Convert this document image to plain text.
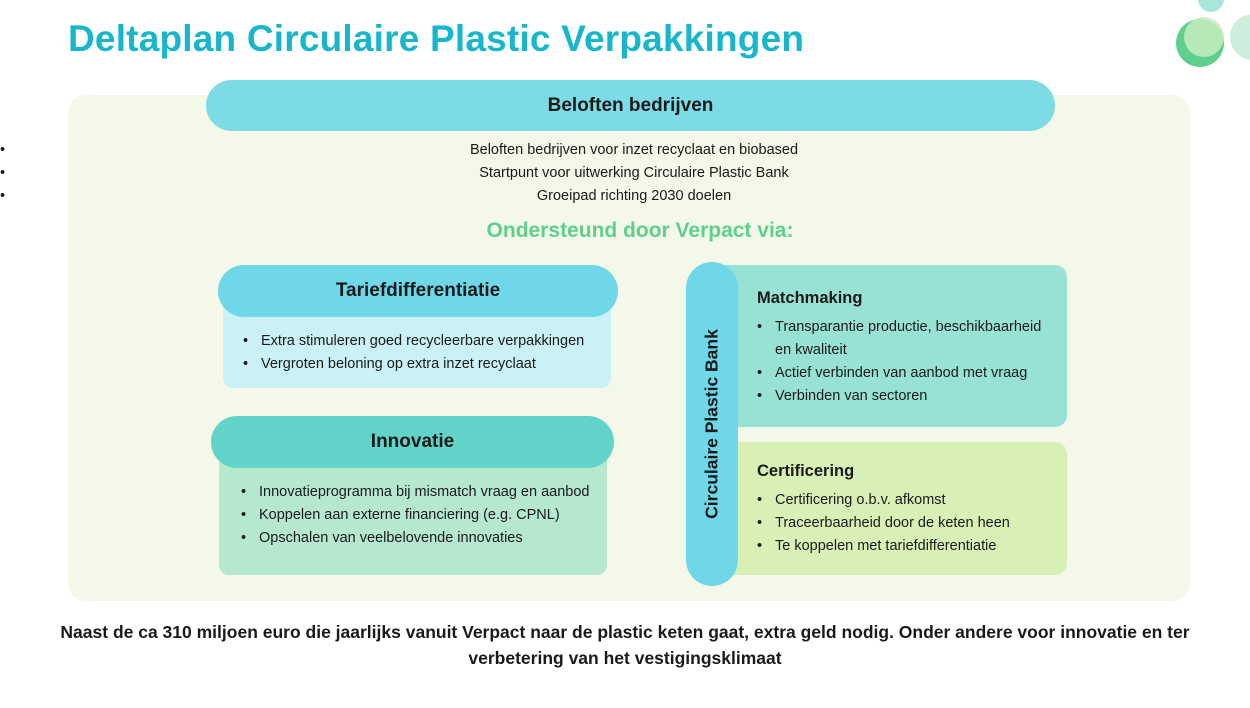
Deltaplan Circulaire Plastic Verpakkingen
Beloften bedrijven
• Beloften bedrijven voor inzet recyclaat en biobased
• Startpunt voor uitwerking Circulaire Plastic Bank
• Groeipad richting 2030 doelen
Ondersteund door Verpact via:
Tariefdifferentiatie
• Extra stimuleren goed recycleerbare verpakkingen
• Vergroten beloning op extra inzet recyclaat
Innovatie
• Innovatieprogramma bij mismatch vraag en aanbod
• Koppelen aan externe financiering (e.g. CPNL)
• Opschalen van veelbelovende innovaties
Circulaire Plastic Bank
Matchmaking
• Transparantie productie, beschikbaarheid en kwaliteit
• Actief verbinden van aanbod met vraag
• Verbinden van sectoren
Certificering
• Certificering o.b.v. afkomst
• Traceerbaarheid door de keten heen
• Te koppelen met tariefdifferentiatie
Naast de ca 310 miljoen euro die jaarlijks vanuit Verpact naar de plastic keten gaat, extra geld nodig. Onder andere voor innovatie en ter verbetering van het vestigingsklimaat
